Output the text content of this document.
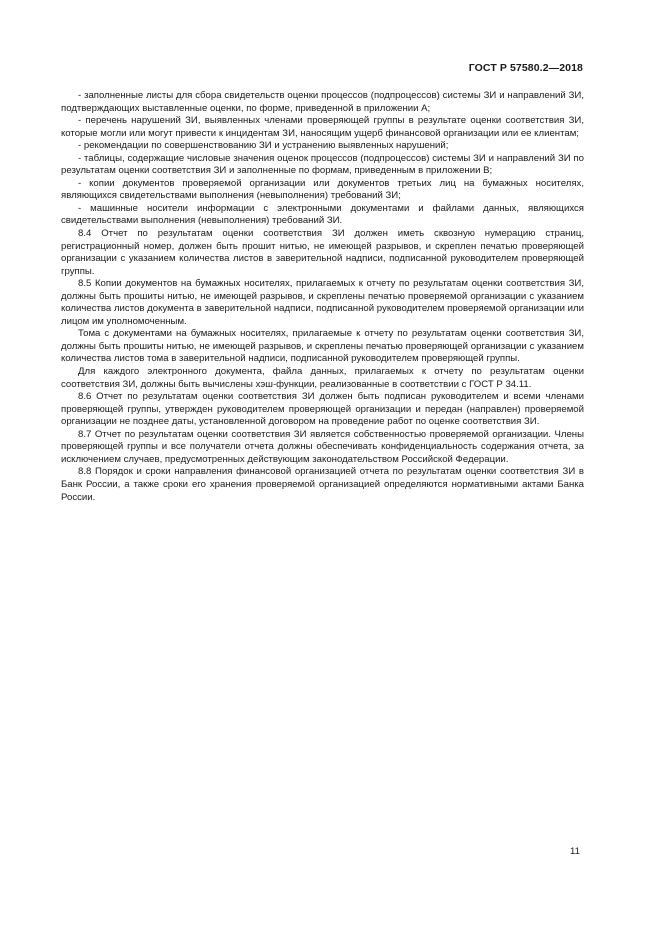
ГОСТ Р 57580.2—2018

- заполненные листы для сбора свидетельств оценки процессов (подпроцессов) системы ЗИ и направлений ЗИ, подтверждающих выставленные оценки, по форме, приведенной в приложении А;

- перечень нарушений ЗИ, выявленных членами проверяющей группы в результате оценки соответствия ЗИ, которые могли или могут привести к инцидентам ЗИ, наносящим ущерб финансовой организации или ее клиентам;

- рекомендации по совершенствованию ЗИ и устранению выявленных нарушений;

- таблицы, содержащие числовые значения оценок процессов (подпроцессов) системы ЗИ и направлений ЗИ по результатам оценки соответствия ЗИ и заполненные по формам, приведенным в приложении В;

- копии документов проверяемой организации или документов третьих лиц на бумажных носителях, являющихся свидетельствами выполнения (невыполнения) требований ЗИ;

- машинные носители информации с электронными документами и файлами данных, являющихся свидетельствами выполнения (невыполнения) требований ЗИ.

8.4 Отчет по результатам оценки соответствия ЗИ должен иметь сквозную нумерацию страниц, регистрационный номер, должен быть прошит нитью, не имеющей разрывов, и скреплен печатью проверяющей организации с указанием количества листов в заверительной надписи, подписанной руководителем проверяющей группы.

8.5 Копии документов на бумажных носителях, прилагаемых к отчету по результатам оценки соответствия ЗИ, должны быть прошиты нитью, не имеющей разрывов, и скреплены печатью проверяемой организации с указанием количества листов документа в заверительной надписи, подписанной руководителем проверяемой организации или лицом им уполномоченным.

Тома с документами на бумажных носителях, прилагаемые к отчету по результатам оценки соответствия ЗИ, должны быть прошиты нитью, не имеющей разрывов, и скреплены печатью проверяющей организации с указанием количества листов тома в заверительной надписи, подписанной руководителем проверяющей группы.

Для каждого электронного документа, файла данных, прилагаемых к отчету по результатам оценки соответствия ЗИ, должны быть вычислены хэш-функции, реализованные в соответствии с ГОСТ Р 34.11.

8.6 Отчет по результатам оценки соответствия ЗИ должен быть подписан руководителем и всеми членами проверяющей группы, утвержден руководителем проверяющей организации и передан (направлен) проверяемой организации не позднее даты, установленной договором на проведение работ по оценке соответствия ЗИ.

8.7 Отчет по результатам оценки соответствия ЗИ является собственностью проверяемой организации. Члены проверяющей группы и все получатели отчета должны обеспечивать конфиденциальность содержания отчета, за исключением случаев, предусмотренных действующим законодательством Российской Федерации.

8.8 Порядок и сроки направления финансовой организацией отчета по результатам оценки соответствия ЗИ в Банк России, а также сроки его хранения проверяемой организацией определяются нормативными актами Банка России.

11
